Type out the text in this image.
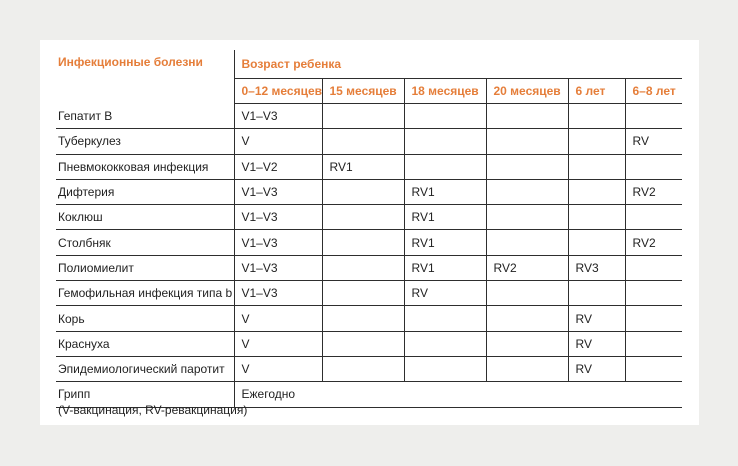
Инфекционные болезни	Возраст ребенка					
	0–12 месяцев	15 месяцев	18 месяцев	20 месяцев	6 лет	6–8 лет
Гепатит В	V1–V3					
Туберкулез	V					RV
Пневмококковая инфекция	V1–V2	RV1				
Дифтерия	V1–V3		RV1			RV2
Коклюш	V1–V3		RV1			
Столбняк	V1–V3		RV1			RV2
Полиомиелит	V1–V3		RV1	RV2	RV3	
Гемофильная инфекция типа b	V1–V3		RV			
Корь	V				RV	
Краснуха	V				RV	
Эпидемиологический паротит	V				RV	
Грипп	Ежегодно					
(V-вакцинация, RV-ревакцинация)
